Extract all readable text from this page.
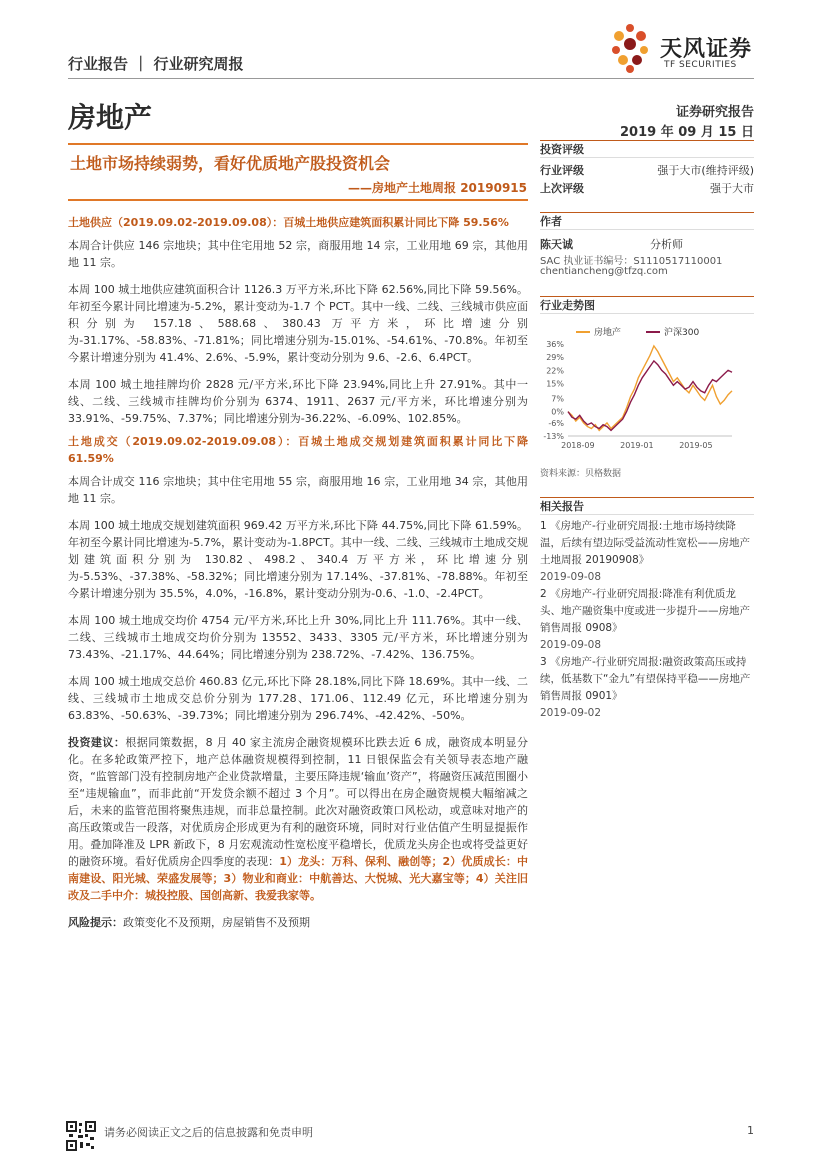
天风证券
TF SECURITIES
行业报告 ｜ 行业研究周报
房地产	证券研究报告
2019 年 09 月 15 日
土地市场持续弱势，看好优质地产股投资机会
——房地产土地周报 20190915

土地供应（2019.09.02-2019.09.08）：百城土地供应建筑面积累计同比下降 59.56%

本周合计供应 146 宗地块；其中住宅用地 52 宗，商服用地 14 宗，工业用地 69 宗，其他用地 11 宗。

本周 100 城土地供应建筑面积合计 1126.3 万平方米,环比下降 62.56%,同比下降 59.56%。年初至今累计同比增速为-5.2%，累计变动为-1.7 个 PCT。其中一线、二线、三线城市供应面积分别为 157.18、588.68、380.43 万平方米，环比增速分别为-31.17%、-58.83%、-71.81%；同比增速分别为-15.01%、-54.61%、-70.8%。年初至今累计增速分别为 41.4%、2.6%、-5.9%，累计变动分别为 9.6、-2.6、6.4PCT。

本周 100 城土地挂牌均价 2828 元/平方米,环比下降 23.94%,同比上升 27.91%。其中一线、二线、三线城市挂牌均价分别为 6374、1911、2637 元/平方米，环比增速分别为 33.91%、-59.75%、7.37%；同比增速分别为-36.22%、-6.09%、102.85%。

土地成交（2019.09.02-2019.09.08）：百城土地成交规划建筑面积累计同比下降 61.59%

本周合计成交 116 宗地块；其中住宅用地 55 宗，商服用地 16 宗，工业用地 34 宗，其他用地 11 宗。

本周 100 城土地成交规划建筑面积 969.42 万平方米,环比下降 44.75%,同比下降 61.59%。年初至今累计同比增速为-5.7%，累计变动为-1.8PCT。其中一线、二线、三线城市土地成交规划建筑面积分别为 130.82、498.2、340.4 万平方米，环比增速分别为-5.53%、-37.38%、-58.32%；同比增速分别为 17.14%、-37.81%、-78.88%。年初至今累计增速分别为 35.5%，4.0%，-16.8%，累计变动分别为-0.6、-1.0、-2.4PCT。

本周 100 城土地成交均价 4754 元/平方米,环比上升 30%,同比上升 111.76%。其中一线、二线、三线城市土地成交均价分别为 13552、3433、3305 元/平方米，环比增速分别为 73.43%、-21.17%、44.64%；同比增速分别为 238.72%、-7.42%、136.75%。

本周 100 城土地成交总价 460.83 亿元,环比下降 28.18%,同比下降 18.69%。其中一线、二线、三线城市土地成交总价分别为 177.28、171.06、112.49 亿元，环比增速分别为 63.83%、-50.63%、-39.73%；同比增速分别为 296.74%、-42.42%、-50%。

投资建议：根据同策数据，8 月 40 家主流房企融资规模环比跌去近 6 成，融资成本明显分化。在多轮政策严控下，地产总体融资规模得到控制，11 日银保监会有关领导表态地产融资，“监管部门没有控制房地产企业贷款增量，主要压降违规‘输血’资产”，将融资压减范围圈小至“违规输血”，而非此前“开发贷余额不超过 3 个月”。可以得出在房企融资规模大幅缩减之后，未来的监管范围将聚焦违规，而非总量控制。此次对融资政策口风松动，或意味对地产的高压政策或告一段落，对优质房企形成更为有利的融资环境，同时对行业估值产生明显提振作用。叠加降准及 LPR 新政下，8 月宏观流动性宽松度平稳增长，优质龙头房企也或将受益更好的融资环境。看好优质房企四季度的表现：1）龙头：万科、保利、融创等；2）优质成长：中南建设、阳光城、荣盛发展等；3）物业和商业：中航善达、大悦城、光大嘉宝等；4）关注旧改及二手中介：城投控股、国创高新、我爱我家等。

风险提示：政策变化不及预期，房屋销售不及预期

投资评级
行业评级	强于大市(维持评级)
上次评级	强于大市
作者
陈天诚	分析师
SAC 执业证书编号：S1110517110001
chentiancheng@tfzq.com
行业走势图
房地产	沪深300
-13%
-6%
0%
7%
15%
22%
29%
36%
2018-09	2019-01	2019-05
资料来源：贝格数据
相关报告
1 《房地产-行业研究周报:土地市场持续降温，后续有望边际受益流动性宽松——房地产土地周报 20190908》
2019-09-08
2 《房地产-行业研究周报:降准有利优质龙头、地产融资集中度或进一步提升——房地产销售周报 0908》
2019-09-08
3 《房地产-行业研究周报:融资政策高压或持续，低基数下“金九”有望保持平稳——房地产销售周报 0901》
2019-09-02
请务必阅读正文之后的信息披露和免责申明	1
